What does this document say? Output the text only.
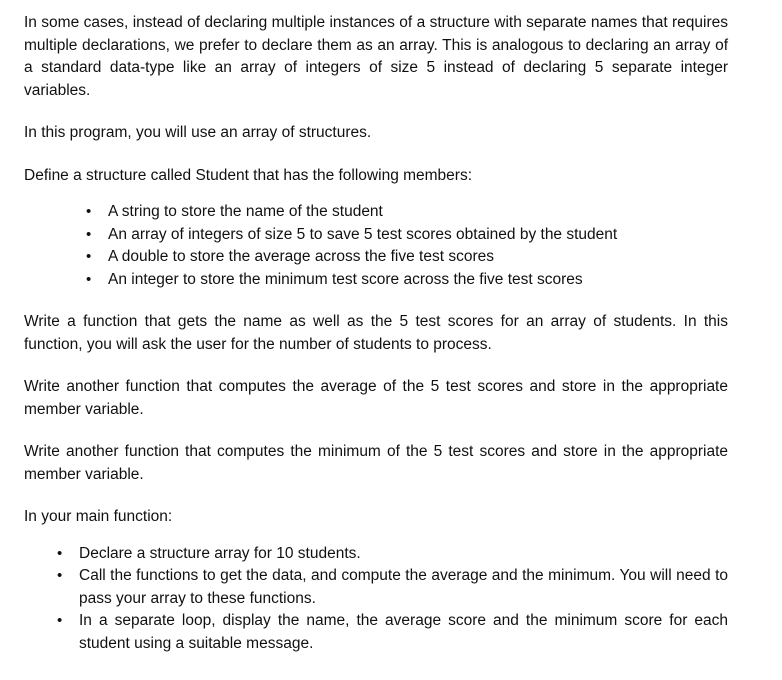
In some cases, instead of declaring multiple instances of a structure with separate names that requires multiple declarations, we prefer to declare them as an array. This is analogous to declaring an array of a standard data-type like an array of integers of size 5 instead of declaring 5 separate integer variables.

In this program, you will use an array of structures.

Define a structure called Student that has the following members:

• A string to store the name of the student
• An array of integers of size 5 to save 5 test scores obtained by the student
• A double to store the average across the five test scores
• An integer to store the minimum test score across the five test scores

Write a function that gets the name as well as the 5 test scores for an array of students. In this function, you will ask the user for the number of students to process.

Write another function that computes the average of the 5 test scores and store in the appropriate member variable.

Write another function that computes the minimum of the 5 test scores and store in the appropriate member variable.

In your main function:

• Declare a structure array for 10 students.
• Call the functions to get the data, and compute the average and the minimum. You will need to pass your array to these functions.
• In a separate loop, display the name, the average score and the minimum score for each student using a suitable message.
